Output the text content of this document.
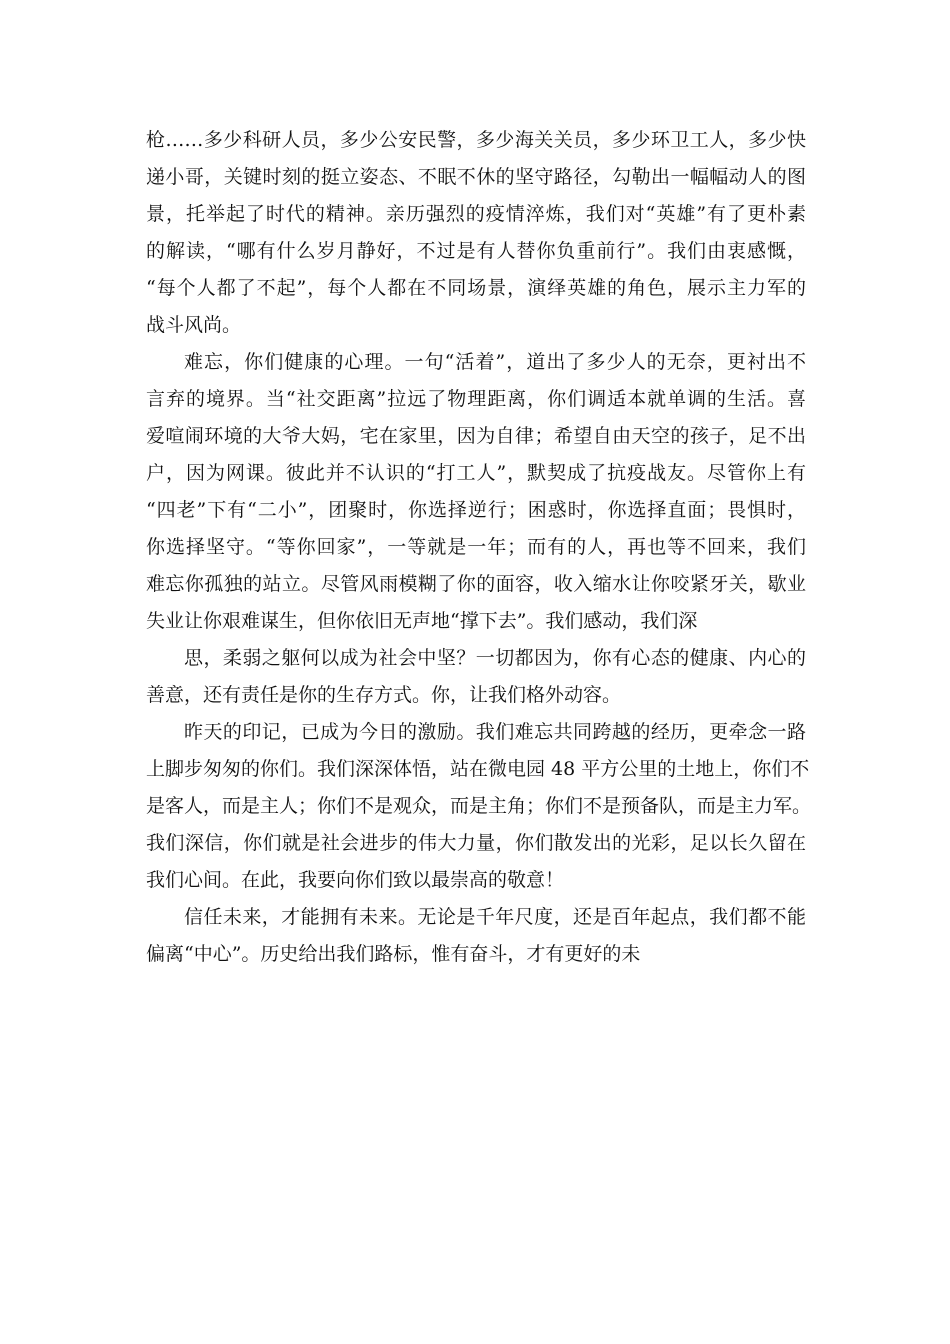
枪……多少科研人员，多少公安民警，多少海关关员，多少环卫工人，多少快
递小哥，关键时刻的挺立姿态、不眠不休的坚守路径，勾勒出一幅幅动人的图
景，托举起了时代的精神。亲历强烈的疫情淬炼，我们对“英雄”有了更朴素
的解读，“哪有什么岁月静好，不过是有人替你负重前行”。我们由衷感慨，
“每个人都了不起”，每个人都在不同场景，演绎英雄的角色，展示主力军的
战斗风尚。
难忘，你们健康的心理。一句“活着”，道出了多少人的无奈，更衬出不
言弃的境界。当“社交距离”拉远了物理距离，你们调适本就单调的生活。喜
爱喧闹环境的大爷大妈，宅在家里，因为自律；希望自由天空的孩子，足不出
户，因为网课。彼此并不认识的“打工人”，默契成了抗疫战友。尽管你上有
“四老”下有“二小”，团聚时，你选择逆行；困惑时，你选择直面；畏惧时，
你选择坚守。“等你回家”，一等就是一年；而有的人，再也等不回来，我们
难忘你孤独的站立。尽管风雨模糊了你的面容，收入缩水让你咬紧牙关，歇业
失业让你艰难谋生，但你依旧无声地“撑下去”。我们感动，我们深
思，柔弱之躯何以成为社会中坚？一切都因为，你有心态的健康、内心的
善意，还有责任是你的生存方式。你，让我们格外动容。
昨天的印记，已成为今日的激励。我们难忘共同跨越的经历，更牵念一路
上脚步匆匆的你们。我们深深体悟，站在微电园 48 平方公里的土地上，你们不
是客人，而是主人；你们不是观众，而是主角；你们不是预备队，而是主力军。
我们深信，你们就是社会进步的伟大力量，你们散发出的光彩，足以长久留在
我们心间。在此，我要向你们致以最崇高的敬意！
信任未来，才能拥有未来。无论是千年尺度，还是百年起点，我们都不能
偏离“中心”。历史给出我们路标，惟有奋斗，才有更好的未
